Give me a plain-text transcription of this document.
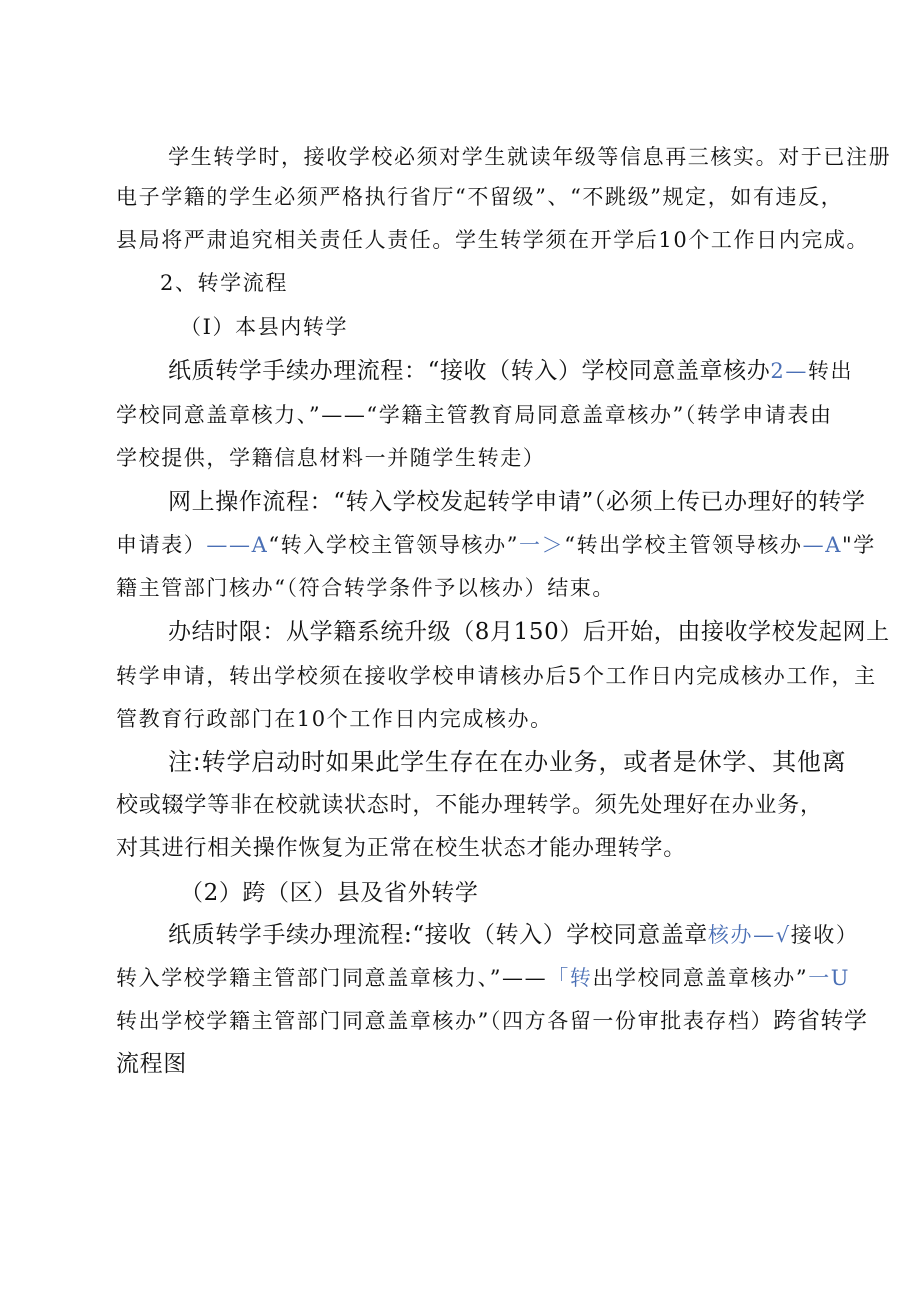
学生转学时，接收学校必须对学生就读年级等信息再三核实。对于已注册
电子学籍的学生必须严格执行省厅“不留级”、“不跳级”规定，如有违反，
县局将严肃追究相关责任人责任。学生转学须在开学后10个工作日内完成。
2、转学流程
（I）本县内转学
纸质转学手续办理流程：“接收（转入）学校同意盖章核办2—转出
学校同意盖章核力、”——“学籍主管教育局同意盖章核办”（转学申请表由
学校提供，学籍信息材料一并随学生转走）
网上操作流程：“转入学校发起转学申请”（必须上传已办理好的转学
申请表）——A“转入学校主管领导核办”一＞“转出学校主管领导核办—A"学
籍主管部门核办“（符合转学条件予以核办）结束。
办结时限：从学籍系统升级（8月150）后开始，由接收学校发起网上
转学申请，转出学校须在接收学校申请核办后5个工作日内完成核办工作，主
管教育行政部门在10个工作日内完成核办。
注:转学启动时如果此学生存在在办业务，或者是休学、其他离
校或辍学等非在校就读状态时，不能办理转学。须先处理好在办业务，
对其进行相关操作恢复为正常在校生状态才能办理转学。
（2）跨（区）县及省外转学
纸质转学手续办理流程:“接收（转入）学校同意盖章核办—√接收）
转入学校学籍主管部门同意盖章核力、”——「转出学校同意盖章核办”一U
转出学校学籍主管部门同意盖章核办”（四方各留一份审批表存档）跨省转学
流程图
